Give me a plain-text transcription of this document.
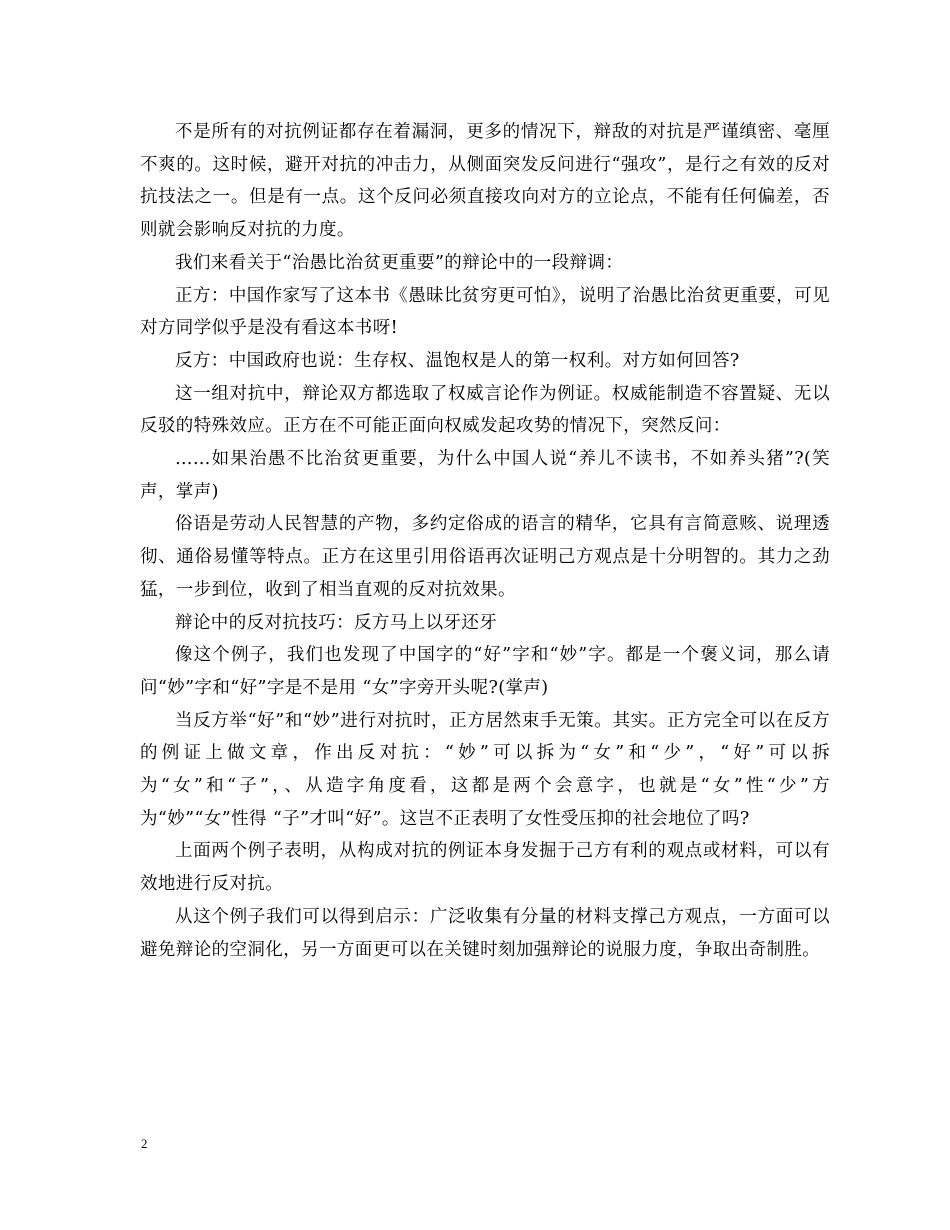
不是所有的对抗例证都存在着漏洞，更多的情况下，辩敌的对抗是严谨缜密、毫厘不爽的。这时候，避开对抗的冲击力，从侧面突发反问进行“强攻”，是行之有效的反对抗技法之一。但是有一点。这个反问必须直接攻向对方的立论点，不能有任何偏差，否则就会影响反对抗的力度。

我们来看关于“治愚比治贫更重要”的辩论中的一段辩调：

正方：中国作家写了这本书《愚昧比贫穷更可怕》，说明了治愚比治贫更重要，可见对方同学似乎是没有看这本书呀!

反方：中国政府也说：生存权、温饱权是人的第一权利。对方如何回答?

这一组对抗中，辩论双方都选取了权威言论作为例证。权威能制造不容置疑、无以反驳的特殊效应。正方在不可能正面向权威发起攻势的情况下，突然反问：

……如果治愚不比治贫更重要，为什么中国人说“养儿不读书，不如养头猪”?(笑声，掌声)

俗语是劳动人民智慧的产物，多约定俗成的语言的精华，它具有言简意赅、说理透彻、通俗易懂等特点。正方在这里引用俗语再次证明己方观点是十分明智的。其力之劲猛，一步到位，收到了相当直观的反对抗效果。

辩论中的反对抗技巧：反方马上以牙还牙

像这个例子，我们也发现了中国字的“好”字和“妙”字。都是一个褒义词，那么请问“妙”字和“好”字是不是用 “女”字旁开头呢?(掌声)

当反方举“好”和“妙”进行对抗时，正方居然束手无策。其实。正方完全可以在反方的例证上做文章，作出反对抗：“妙”可以拆为“女”和“少”，“好”可以拆为“女”和“子”，、从造字角度看，这都是两个会意字，也就是“女”性“少”方为“妙”“女”性得 “子”才叫“好”。这岂不正表明了女性受压抑的社会地位了吗?

上面两个例子表明，从构成对抗的例证本身发掘于己方有利的观点或材料，可以有效地进行反对抗。

从这个例子我们可以得到启示：广泛收集有分量的材料支撑己方观点，一方面可以避免辩论的空洞化，另一方面更可以在关键时刻加强辩论的说服力度，争取出奇制胜。

2
